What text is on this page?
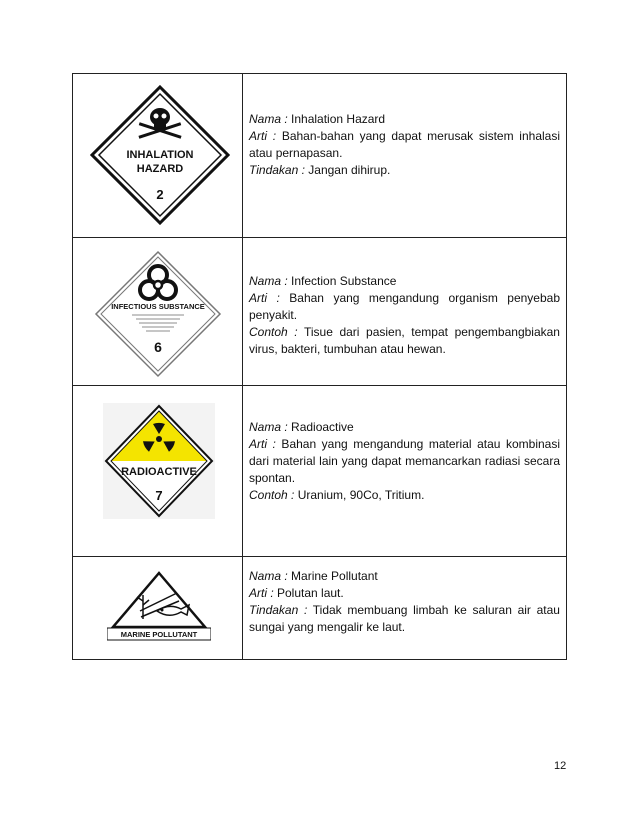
INHALATION
HAZARD
2

Nama : Inhalation Hazard

Arti : Bahan-bahan yang dapat merusak sistem inhalasi atau pernapasan.

Tindakan : Jangan dihirup.

INFECTIOUS SUBSTANCE
6

Nama : Infection Substance

Arti : Bahan yang mengandung organism penyebab penyakit.

Contoh : Tisue dari pasien, tempat pengembangbiakan virus, bakteri, tumbuhan atau hewan.

RADIOACTIVE
7

Nama : Radioactive

Arti : Bahan yang mengandung material atau kombinasi dari material lain yang dapat memancarkan radiasi secara spontan.

Contoh : Uranium, 90Co, Tritium.

MARINE POLLUTANT

Nama : Marine Pollutant

Arti : Polutan laut.

Tindakan : Tidak membuang limbah ke saluran air atau sungai yang mengalir ke laut.

12
